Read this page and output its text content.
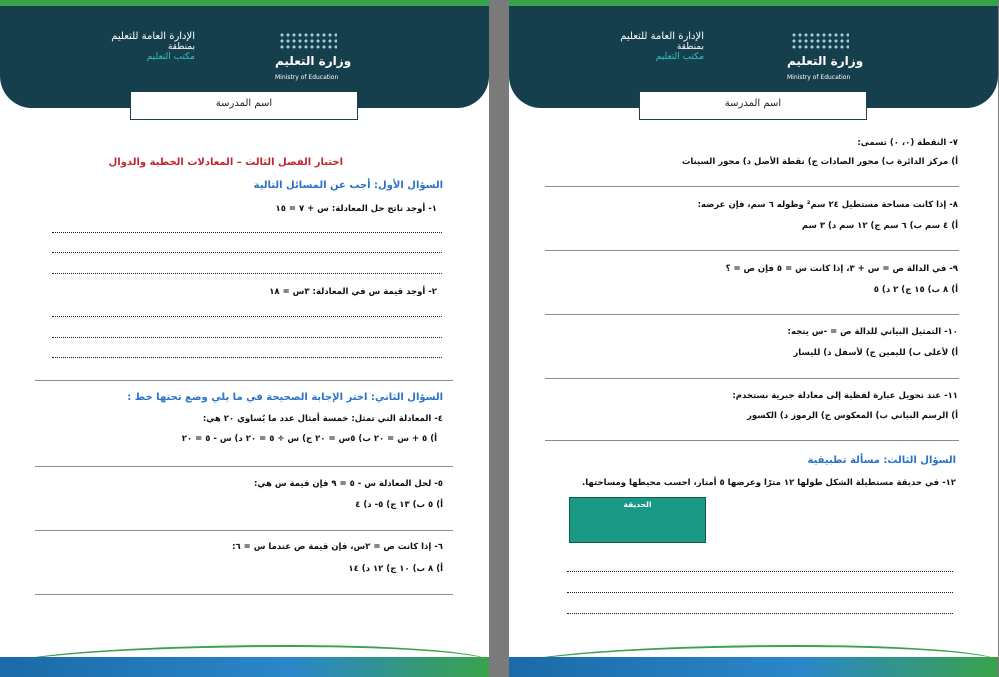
الإدارة العامة للتعليم
بمنطقة
مكتب التعليم	وزارة التعليم
Ministry of Education
اسم المدرسة
اختبار الفصل الثالث – المعادلات الخطية والدوال
السؤال الأول: أجب عن المسائل التالية
١- أوجد ناتج حل المعادلة: س + ٧ = ١٥
٢- أوجد قيمة س في المعادلة: ٣س = ١٨
السؤال الثاني: اختر الإجابة الصحيحة في ما يلي وضع تحتها خط :
٤- المعادلة التي تمثل: خمسة أمثال عدد ما يُساوي ٢٠ هي:
أ) ٥ + س = ٢٠ ب) ٥س = ٢٠ ج) س ÷ ٥ = ٢٠ د) س - ٥ = ٢٠
٥- لحل المعادلة س - ٥ = ٩ فإن قيمة س هي:
أ) ٥ ب) ١٣ ج) ٥- د) ٤
٦- إذا كانت ص = ٢س، فإن قيمة ص عندما س = ٦:
أ) ٨ ب) ١٠ ج) ١٢ د) ١٤
الإدارة العامة للتعليم
بمنطقة
مكتب التعليم	وزارة التعليم
Ministry of Education
اسم المدرسة
٧- النقطة (٠، ٠) تسمى:
أ) مركز الدائرة ب) محور الصادات ج) نقطة الأصل د) محور السينات
٨- إذا كانت مساحة مستطيل ٢٤ سم² وطوله ٦ سم، فإن عرضه:
أ) ٤ سم ب) ٦ سم ج) ١٢ سم د) ٣ سم
٩- في الدالة ص = س + ٣، إذا كانت س = ٥ فإن ص = ؟
أ) ٨ ب) ١٥ ج) ٢ د) ٥
١٠- التمثيل البياني للدالة ص = -س يتجه:
أ) لأعلى ب) لليمين ج) لأسفل د) لليسار
١١- عند تحويل عبارة لفظية إلى معادلة جبرية نستخدم:
أ) الرسم البياني ب) المعكوس ج) الرموز د) الكسور
السؤال الثالث: مسألة تطبيقية
١٢- في حديقة مستطيلة الشكل طولها ١٢ مترًا وعرضها ٥ أمتار، احسب محيطها ومساحتها.
الحديقة
